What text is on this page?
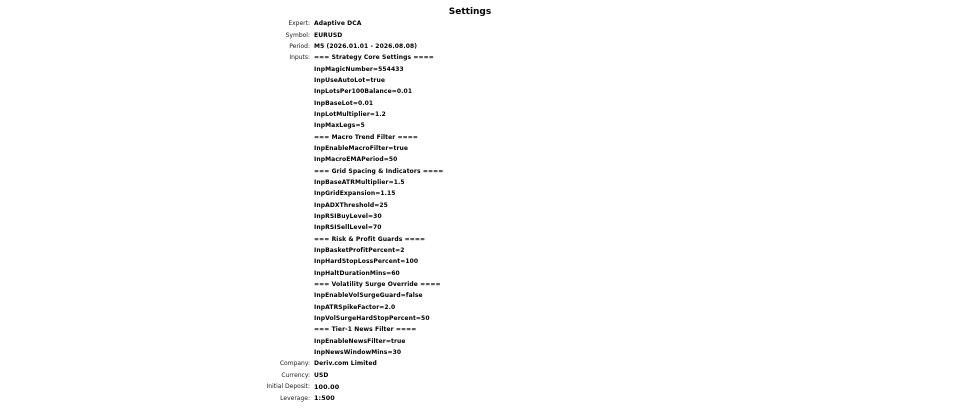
Settings
Expert: Adaptive DCA
Symbol: EURUSD
Period: M5 (2026.01.01 - 2026.08.08)
Inputs: === Strategy Core Settings ====
InpMagicNumber=554433
InpUseAutoLot=true
InpLotsPer100Balance=0.01
InpBaseLot=0.01
InpLotMultiplier=1.2
InpMaxLegs=5
=== Macro Trend Filter ====
InpEnableMacroFilter=true
InpMacroEMAPeriod=50
=== Grid Spacing & Indicators ====
InpBaseATRMultiplier=1.5
InpGridExpansion=1.15
InpADXThreshold=25
InpRSIBuyLevel=30
InpRSISellLevel=70
=== Risk & Profit Guards ====
InpBasketProfitPercent=2
InpHardStopLossPercent=100
InpHaltDurationMins=60
=== Volatility Surge Override ====
InpEnableVolSurgeGuard=false
InpATRSpikeFactor=2.0
InpVolSurgeHardStopPercent=50
=== Tier-1 News Filter ====
InpEnableNewsFilter=true
InpNewsWindowMins=30
Company: Deriv.com Limited
Currency: USD
Initial Deposit: 100.00
Leverage: 1:500
